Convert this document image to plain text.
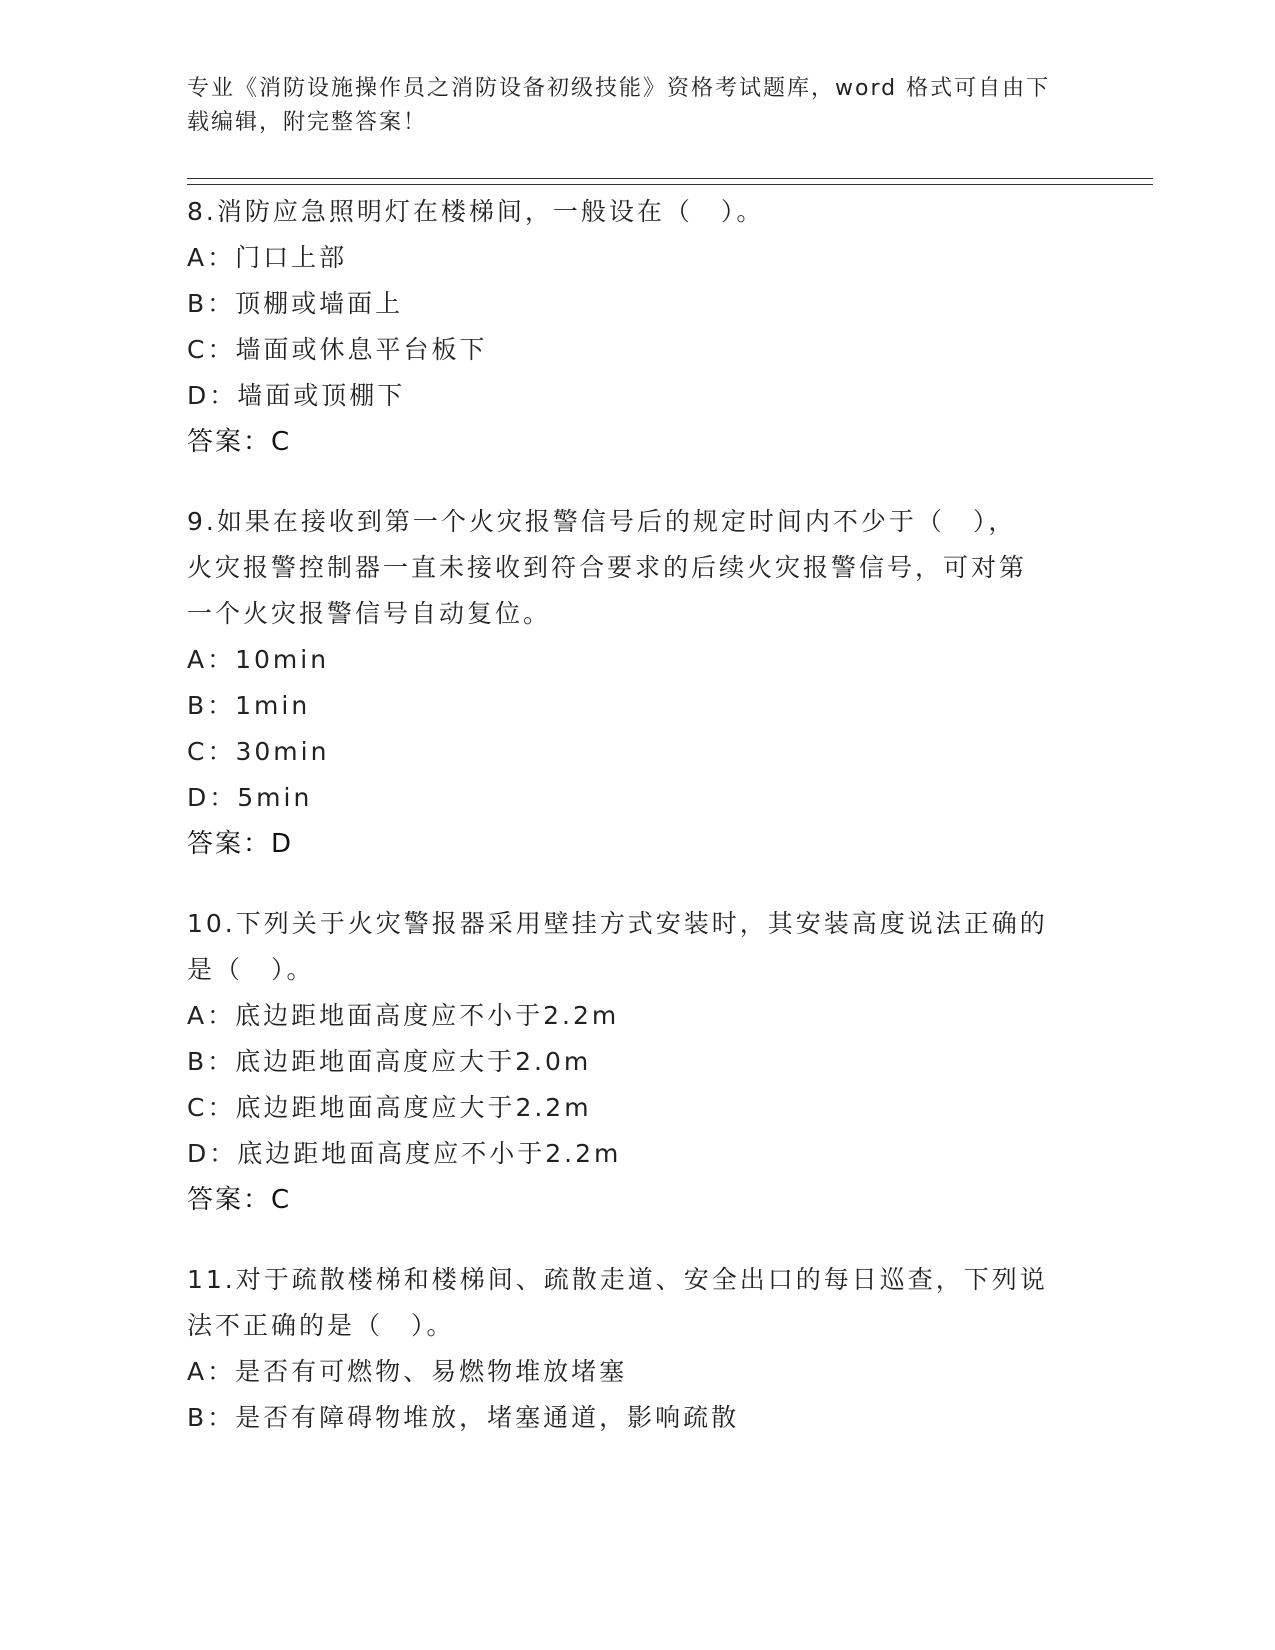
专业《消防设施操作员之消防设备初级技能》资格考试题库，word 格式可自由下
载编辑，附完整答案！
8.消防应急照明灯在楼梯间，一般设在（　）。
A：门口上部
B：顶棚或墙面上
C：墙面或休息平台板下
D：墙面或顶棚下
答案：C
9.如果在接收到第一个火灾报警信号后的规定时间内不少于（　），
火灾报警控制器一直未接收到符合要求的后续火灾报警信号，可对第
一个火灾报警信号自动复位。
A：10min
B：1min
C：30min
D：5min
答案：D
10.下列关于火灾警报器采用壁挂方式安装时，其安装高度说法正确的
是（　）。
A：底边距地面高度应不小于2.2m
B：底边距地面高度应大于2.0m
C：底边距地面高度应大于2.2m
D：底边距地面高度应不小于2.2m
答案：C
11.对于疏散楼梯和楼梯间、疏散走道、安全出口的每日巡查，下列说
法不正确的是（　）。
A：是否有可燃物、易燃物堆放堵塞
B：是否有障碍物堆放，堵塞通道，影响疏散
